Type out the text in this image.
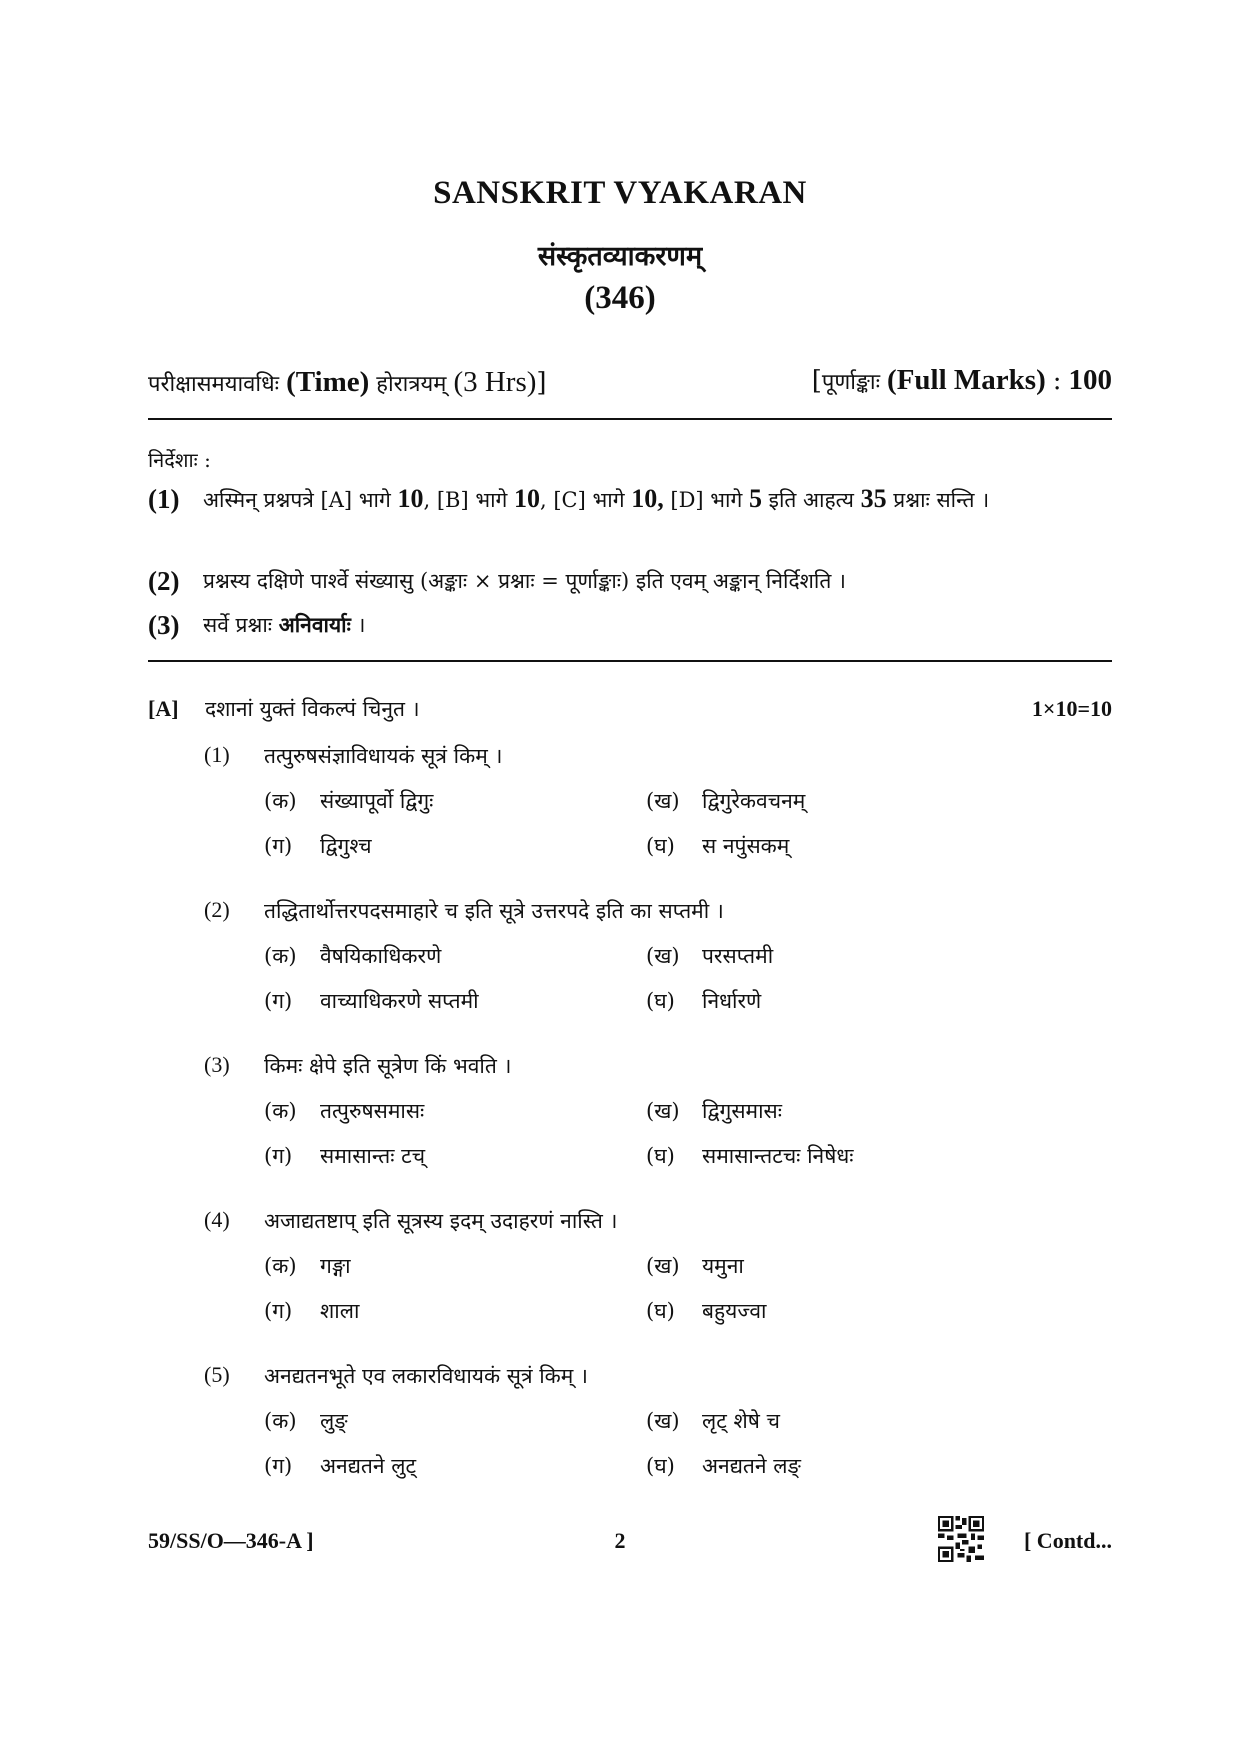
SANSKRIT VYAKARAN
संस्कृतव्याकरणम्
(346)
परीक्षासमयावधिः (Time) होरात्रयम् (3 Hrs)]	[पूर्णाङ्काः (Full Marks) : 100
निर्देशाः :
(1) अस्मिन् प्रश्नपत्रे [A] भागे 10, [B] भागे 10, [C] भागे 10, [D] भागे 5 इति आहत्य 35 प्रश्नाः सन्ति ।
(2) प्रश्नस्य दक्षिणे पार्श्वे संख्यासु (अङ्काः × प्रश्नाः = पूर्णाङ्काः) इति एवम् अङ्कान् निर्दिशति ।
(3) सर्वे प्रश्नाः अनिवार्याः ।
[A] दशानां युक्तं विकल्पं चिनुत ।	1×10=10
(1) तत्पुरुषसंज्ञाविधायकं सूत्रं किम् ।
(क) संख्यापूर्वो द्विगुः	(ख) द्विगुरेकवचनम्
(ग) द्विगुश्च	(घ) स नपुंसकम्
(2) तद्धितार्थोत्तरपदसमाहारे च इति सूत्रे उत्तरपदे इति का सप्तमी ।
(क) वैषयिकाधिकरणे	(ख) परसप्तमी
(ग) वाच्याधिकरणे सप्तमी	(घ) निर्धारणे
(3) किमः क्षेपे इति सूत्रेण किं भवति ।
(क) तत्पुरुषसमासः	(ख) द्विगुसमासः
(ग) समासान्तः टच्	(घ) समासान्तटचः निषेधः
(4) अजाद्यतष्टाप् इति सूत्रस्य इदम् उदाहरणं नास्ति ।
(क) गङ्गा	(ख) यमुना
(ग) शाला	(घ) बहुयज्वा
(5) अनद्यतनभूते एव लकारविधायकं सूत्रं किम् ।
(क) लुङ्	(ख) लृट् शेषे च
(ग) अनद्यतने लुट्	(घ) अनद्यतने लङ्
59/SS/O—346-A ]	2	[ Contd...
